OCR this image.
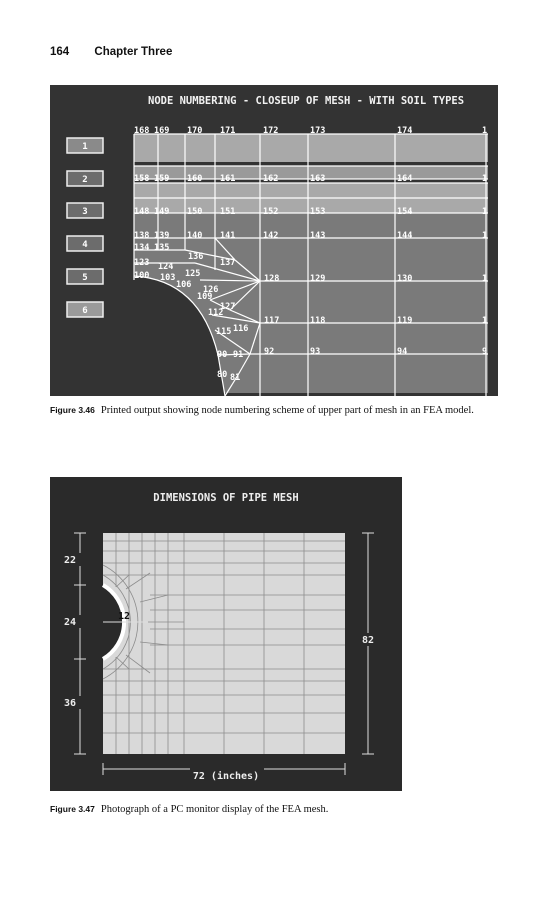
164 Chapter Three
NODE NUMBERING - CLOSEUP OF MESH - WITH SOIL TYPES
1
2
3
4
5
6
168 169 170 171	172	173	174	1
158 159 160 161	162	163	164	1
148 149 150 151	152	153	154	1
138 139 140 141	142	143	144	1
134 135
123 124
136
137
100 103 125
106 126
109
127
112
115 116
90 91
80 81
128	129	130	1
117	118	119	1
92	93	94	9
Figure 3.46 Printed output showing node numbering scheme of upper part of mesh in an FEA model.
DIMENSIONS OF PIPE MESH
22
24
36
12
82
72 (inches)
Figure 3.47 Photograph of a PC monitor display of the FEA mesh.
